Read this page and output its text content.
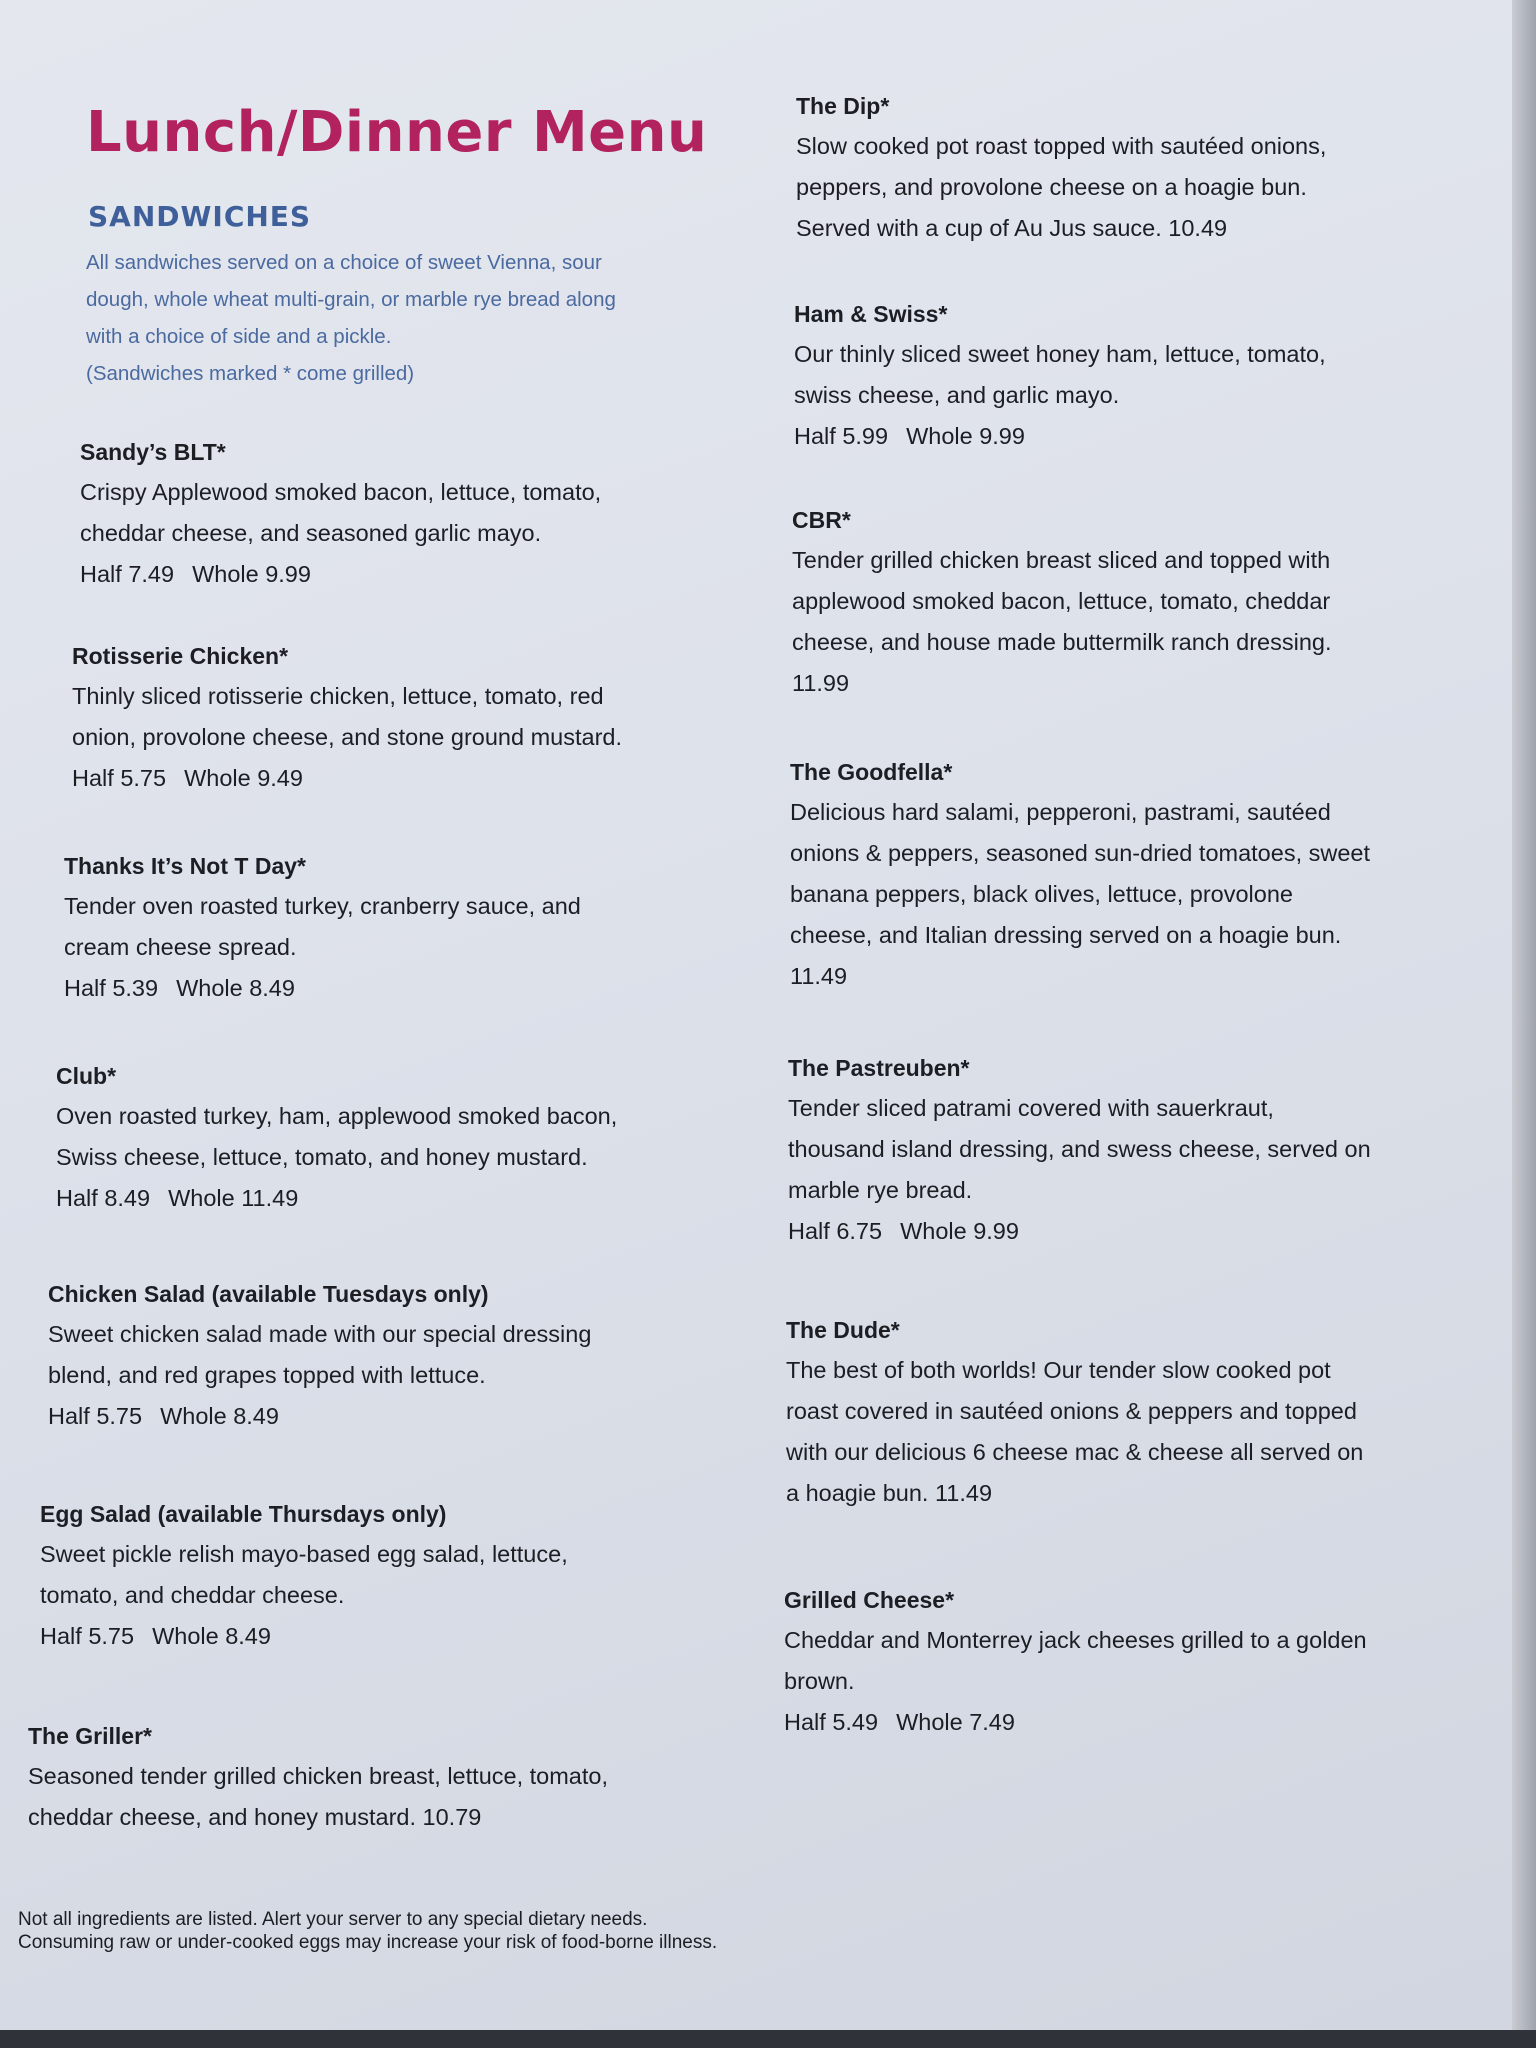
Lunch/Dinner Menu
SANDWICHES
All sandwiches served on a choice of sweet Vienna, sour
dough, whole wheat multi-grain, or marble rye bread along
with a choice of side and a pickle.
(Sandwiches marked * come grilled)

Sandy’s BLT*

Crispy Applewood smoked bacon, lettuce, tomato,

cheddar cheese, and seasoned garlic mayo.

Half 7.49 Whole 9.99

Rotisserie Chicken*

Thinly sliced rotisserie chicken, lettuce, tomato, red

onion, provolone cheese, and stone ground mustard.

Half 5.75 Whole 9.49

Thanks It’s Not T Day*

Tender oven roasted turkey, cranberry sauce, and

cream cheese spread.

Half 5.39 Whole 8.49

Club*

Oven roasted turkey, ham, applewood smoked bacon,

Swiss cheese, lettuce, tomato, and honey mustard.

Half 8.49 Whole 11.49

Chicken Salad (available Tuesdays only)

Sweet chicken salad made with our special dressing

blend, and red grapes topped with lettuce.

Half 5.75 Whole 8.49

Egg Salad (available Thursdays only)

Sweet pickle relish mayo-based egg salad, lettuce,

tomato, and cheddar cheese.

Half 5.75 Whole 8.49

The Griller*

Seasoned tender grilled chicken breast, lettuce, tomato,

cheddar cheese, and honey mustard. 10.79

The Dip*

Slow cooked pot roast topped with sautéed onions,

peppers, and provolone cheese on a hoagie bun.

Served with a cup of Au Jus sauce. 10.49

Ham & Swiss*

Our thinly sliced sweet honey ham, lettuce, tomato,

swiss cheese, and garlic mayo.

Half 5.99 Whole 9.99

CBR*

Tender grilled chicken breast sliced and topped with

applewood smoked bacon, lettuce, tomato, cheddar

cheese, and house made buttermilk ranch dressing.

11.99

The Goodfella*

Delicious hard salami, pepperoni, pastrami, sautéed

onions & peppers, seasoned sun-dried tomatoes, sweet

banana peppers, black olives, lettuce, provolone

cheese, and Italian dressing served on a hoagie bun.

11.49

The Pastreuben*

Tender sliced patrami covered with sauerkraut,

thousand island dressing, and swess cheese, served on

marble rye bread.

Half 6.75 Whole 9.99

The Dude*

The best of both worlds! Our tender slow cooked pot

roast covered in sautéed onions & peppers and topped

with our delicious 6 cheese mac & cheese all served on

a hoagie bun. 11.49

Grilled Cheese*

Cheddar and Monterrey jack cheeses grilled to a golden

brown.

Half 5.49 Whole 7.49

Not all ingredients are listed. Alert your server to any special dietary needs.
Consuming raw or under-cooked eggs may increase your risk of food-borne illness.
